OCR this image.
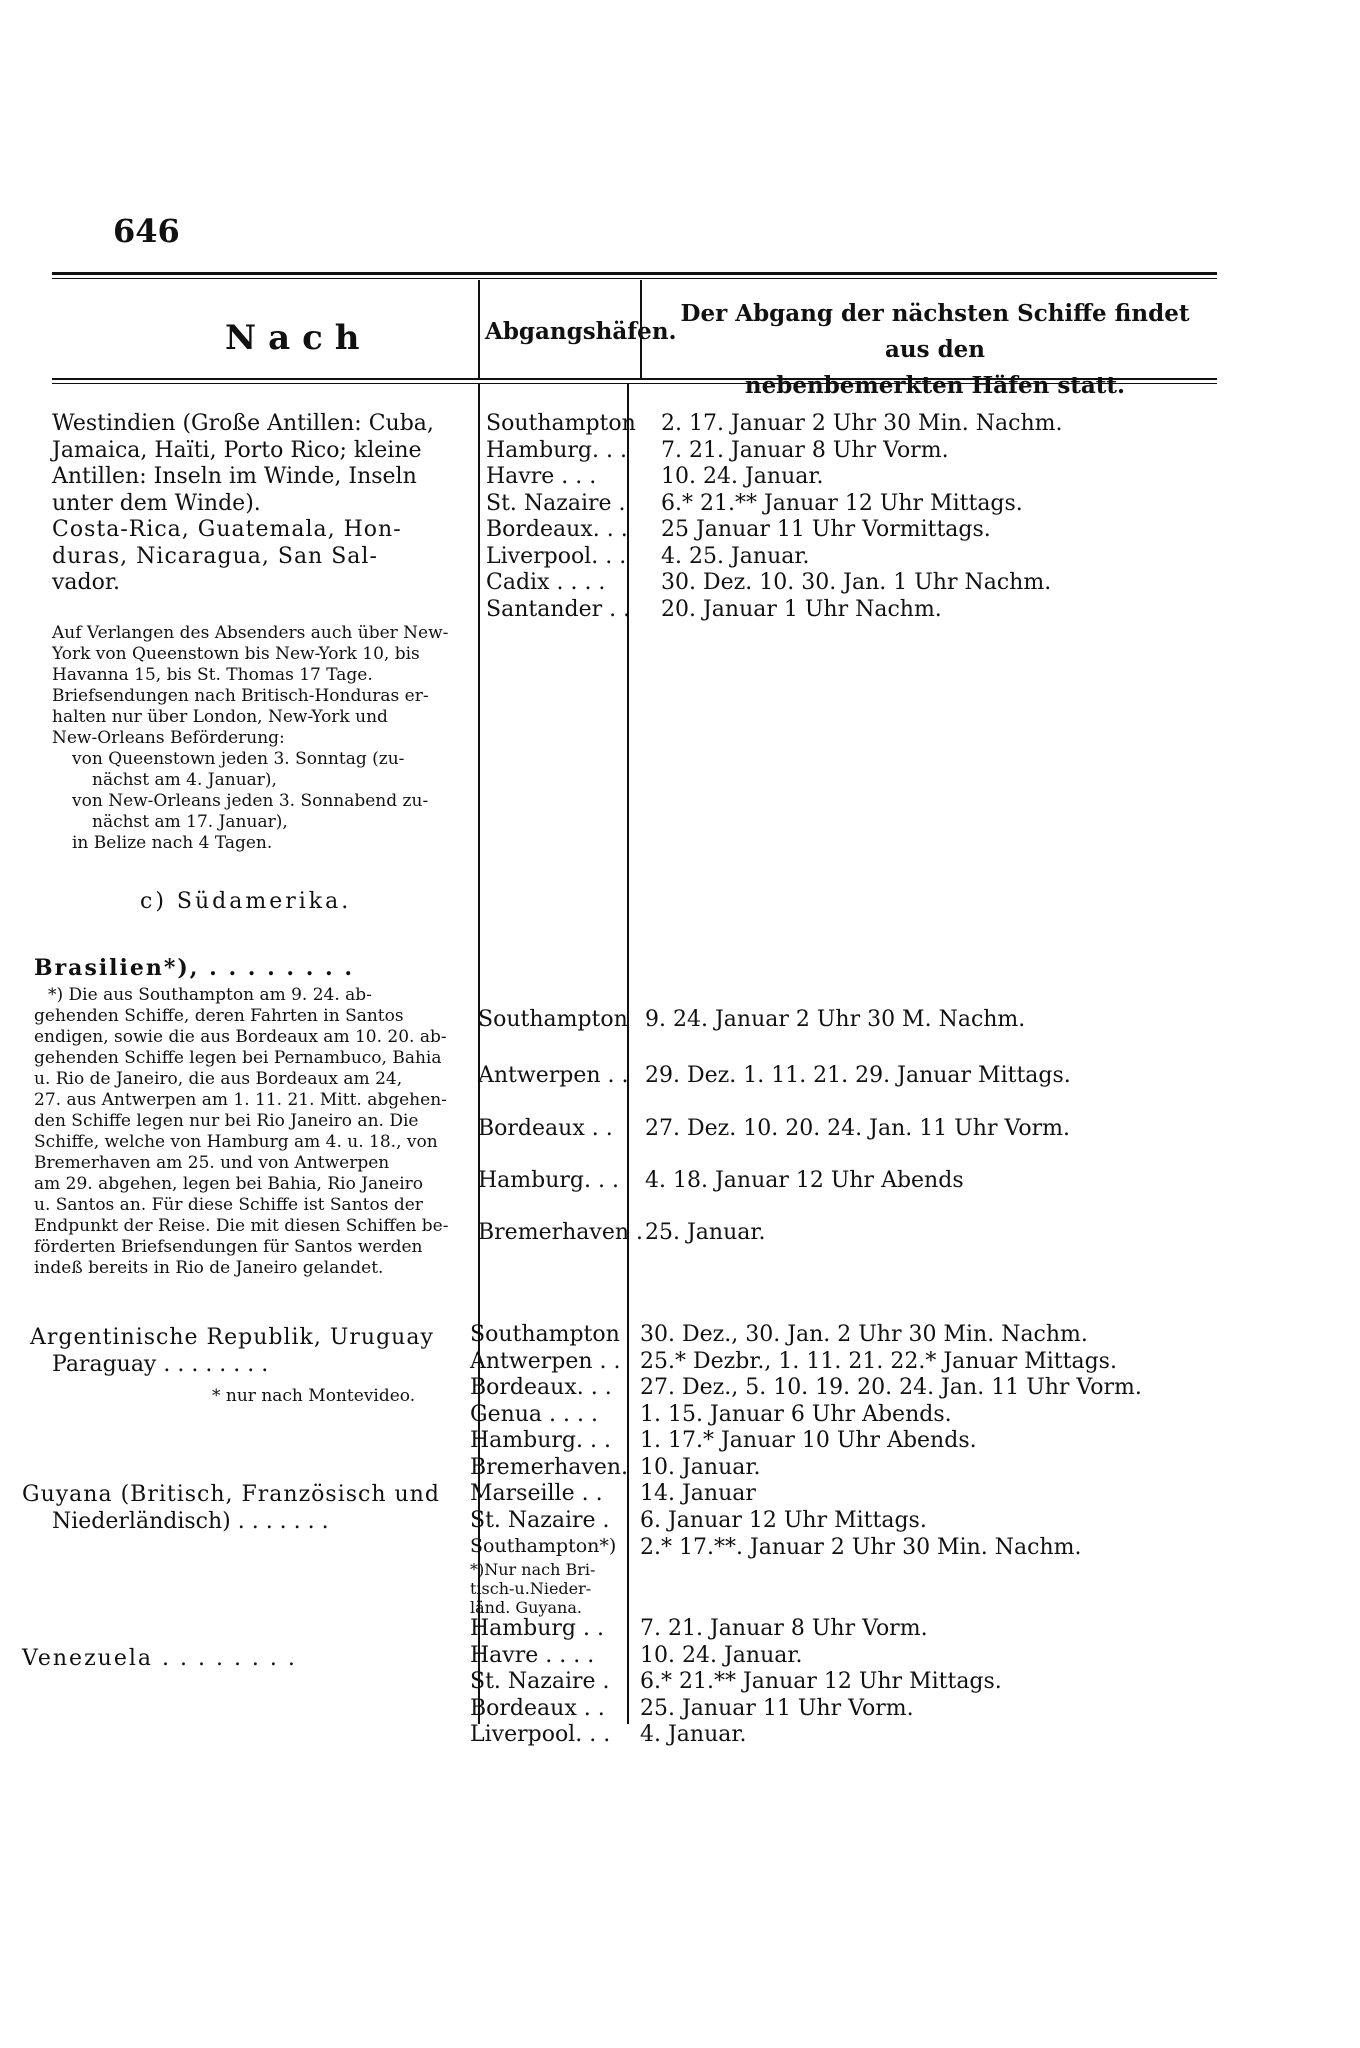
646
Nach	Abgangshäfen.
Der Abgang der nächsten Schiffe findet aus den
nebenbemerkten Häfen statt.
Westindien (Große Antillen: Cuba,
Jamaica, Haïti, Porto Rico; kleine
Antillen: Inseln im Winde, Inseln
unter dem Winde).
Costa-Rica, Guatemala, Hon-
duras, Nicaragua, San Sal-
vador.
Auf Verlangen des Absenders auch über New-
York von Queenstown bis New-York 10, bis
Havanna 15, bis St. Thomas 17 Tage.
Briefsendungen nach Britisch-Honduras er-
halten nur über London, New-York und
New-Orleans Beförderung:
von Queenstown jeden 3. Sonntag (zu-
nächst am 4. Januar),
von New-Orleans jeden 3. Sonnabend zu-
nächst am 17. Januar),
in Belize nach 4 Tagen.
Southampton
Hamburg. . .
Havre . . .
St. Nazaire .
Bordeaux. . .
Liverpool. . .
Cadix . . . .
Santander . .
2. 17. Januar 2 Uhr 30 Min. Nachm.
7. 21. Januar 8 Uhr Vorm.
10. 24. Januar.
6.* 21.** Januar 12 Uhr Mittags.
25 Januar 11 Uhr Vormittags.
4. 25. Januar.
30. Dez. 10. 30. Jan. 1 Uhr Nachm.
20. Januar 1 Uhr Nachm.
c) Südamerika.
Brasilien*), . . . . . . . .
*) Die aus Southampton am 9. 24. ab-
gehenden Schiffe, deren Fahrten in Santos
endigen, sowie die aus Bordeaux am 10. 20. ab-
gehenden Schiffe legen bei Pernambuco, Bahia
u. Rio de Janeiro, die aus Bordeaux am 24,
27. aus Antwerpen am 1. 11. 21. Mitt. abgehen-
den Schiffe legen nur bei Rio Janeiro an. Die
Schiffe, welche von Hamburg am 4. u. 18., von
Bremerhaven am 25. und von Antwerpen
am 29. abgehen, legen bei Bahia, Rio Janeiro
u. Santos an. Für diese Schiffe ist Santos der
Endpunkt der Reise. Die mit diesen Schiffen be-
förderten Briefsendungen für Santos werden
indeß bereits in Rio de Janeiro gelandet.
Southampton
Antwerpen . .
Bordeaux . .
Hamburg. . .
Bremerhaven .
9. 24. Januar 2 Uhr 30 M. Nachm.
29. Dez. 1. 11. 21. 29. Januar Mittags.
27. Dez. 10. 20. 24. Jan. 11 Uhr Vorm.
4. 18. Januar 12 Uhr Abends
25. Januar.
Argentinische Republik, Uruguay
Paraguay . . . . . . . .
* nur nach Montevideo.
Guyana (Britisch, Französisch und
Niederländisch) . . . . . . .
Venezuela . . . . . . . .
Southampton
Antwerpen . .
Bordeaux. . .
Genua . . . .
Hamburg. . .
Bremerhaven.
Marseille . .
St. Nazaire .
30. Dez., 30. Jan. 2 Uhr 30 Min. Nachm.
25.* Dezbr., 1. 11. 21. 22.* Januar Mittags.
27. Dez., 5. 10. 19. 20. 24. Jan. 11 Uhr Vorm.
1. 15. Januar 6 Uhr Abends.
1. 17.* Januar 10 Uhr Abends.
10. Januar.
14. Januar
6. Januar 12 Uhr Mittags.
Southampton*)
*)Nur nach Bri-
tisch-u.Nieder-
länd. Guyana.
2.* 17.**. Januar 2 Uhr 30 Min. Nachm.
Hamburg . .
Havre . . . .
St. Nazaire .
Bordeaux . .
Liverpool. . .
7. 21. Januar 8 Uhr Vorm.
10. 24. Januar.
6.* 21.** Januar 12 Uhr Mittags.
25. Januar 11 Uhr Vorm.
4. Januar.
